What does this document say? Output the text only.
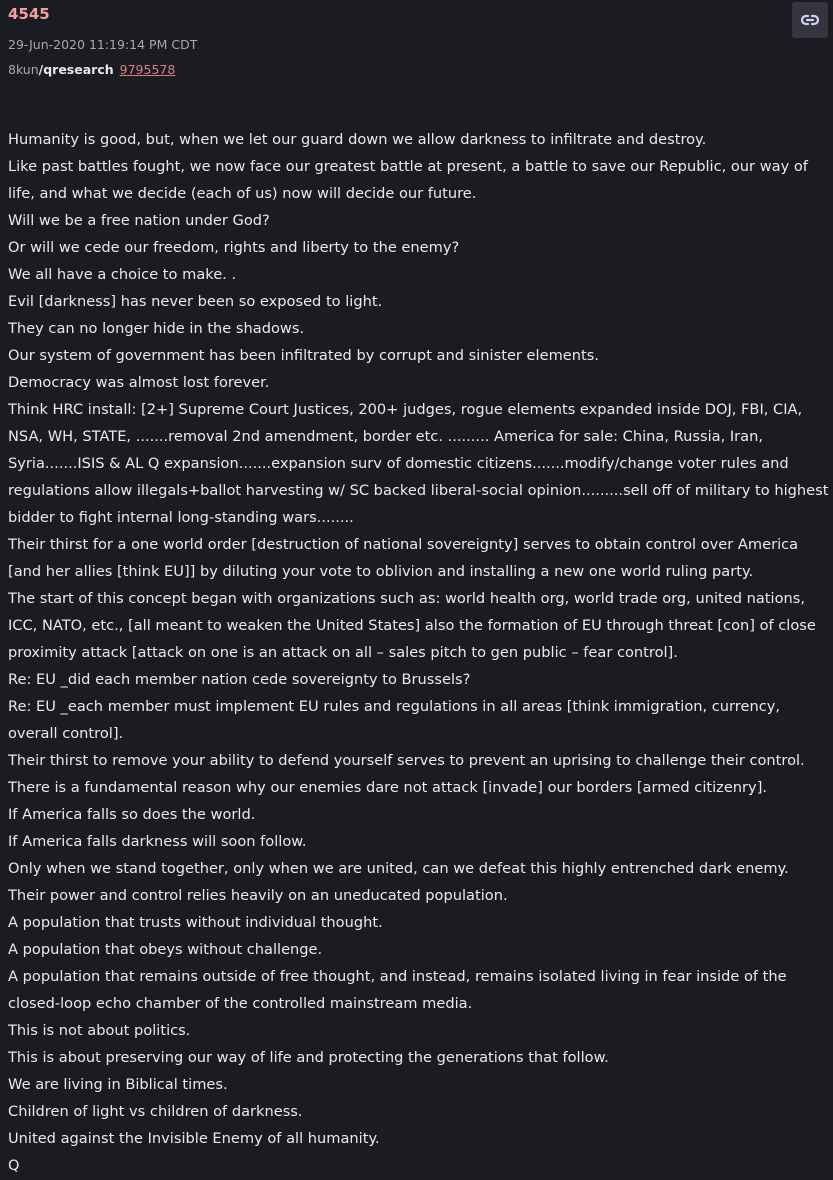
4545
29-Jun-2020 11:19:14 PM CDT
8kun/qresearch 9795578
Humanity is good, but, when we let our guard down we allow darkness to infiltrate and destroy.
Like past battles fought, we now face our greatest battle at present, a battle to save our Republic, our way of life, and what we decide (each of us) now will decide our future.
Will we be a free nation under God?
Or will we cede our freedom, rights and liberty to the enemy?
We all have a choice to make. .
Evil [darkness] has never been so exposed to light.
They can no longer hide in the shadows.
Our system of government has been infiltrated by corrupt and sinister elements.
Democracy was almost lost forever.
Think HRC install: [2+] Supreme Court Justices, 200+ judges, rogue elements expanded inside DOJ, FBI, CIA, NSA, WH, STATE, .......removal 2nd amendment, border etc. ......... America for sale: China, Russia, Iran, Syria.......ISIS & AL Q expansion.......expansion surv of domestic citizens.......modify/change voter rules and regulations allow illegals+ballot harvesting w/ SC backed liberal-social opinion.........sell off of military to highest bidder to fight internal long-standing wars........
Their thirst for a one world order [destruction of national sovereignty] serves to obtain control over America [and her allies [think EU]] by diluting your vote to oblivion and installing a new one world ruling party.
The start of this concept began with organizations such as: world health org, world trade org, united nations, ICC, NATO, etc., [all meant to weaken the United States] also the formation of EU through threat [con] of close proximity attack [attack on one is an attack on all – sales pitch to gen public – fear control].
Re: EU _did each member nation cede sovereignty to Brussels?
Re: EU _each member must implement EU rules and regulations in all areas [think immigration, currency, overall control].
Their thirst to remove your ability to defend yourself serves to prevent an uprising to challenge their control.
There is a fundamental reason why our enemies dare not attack [invade] our borders [armed citizenry].
If America falls so does the world.
If America falls darkness will soon follow.
Only when we stand together, only when we are united, can we defeat this highly entrenched dark enemy.
Their power and control relies heavily on an uneducated population.
A population that trusts without individual thought.
A population that obeys without challenge.
A population that remains outside of free thought, and instead, remains isolated living in fear inside of the closed-loop echo chamber of the controlled mainstream media.
This is not about politics.
This is about preserving our way of life and protecting the generations that follow.
We are living in Biblical times.
Children of light vs children of darkness.
United against the Invisible Enemy of all humanity.
Q
